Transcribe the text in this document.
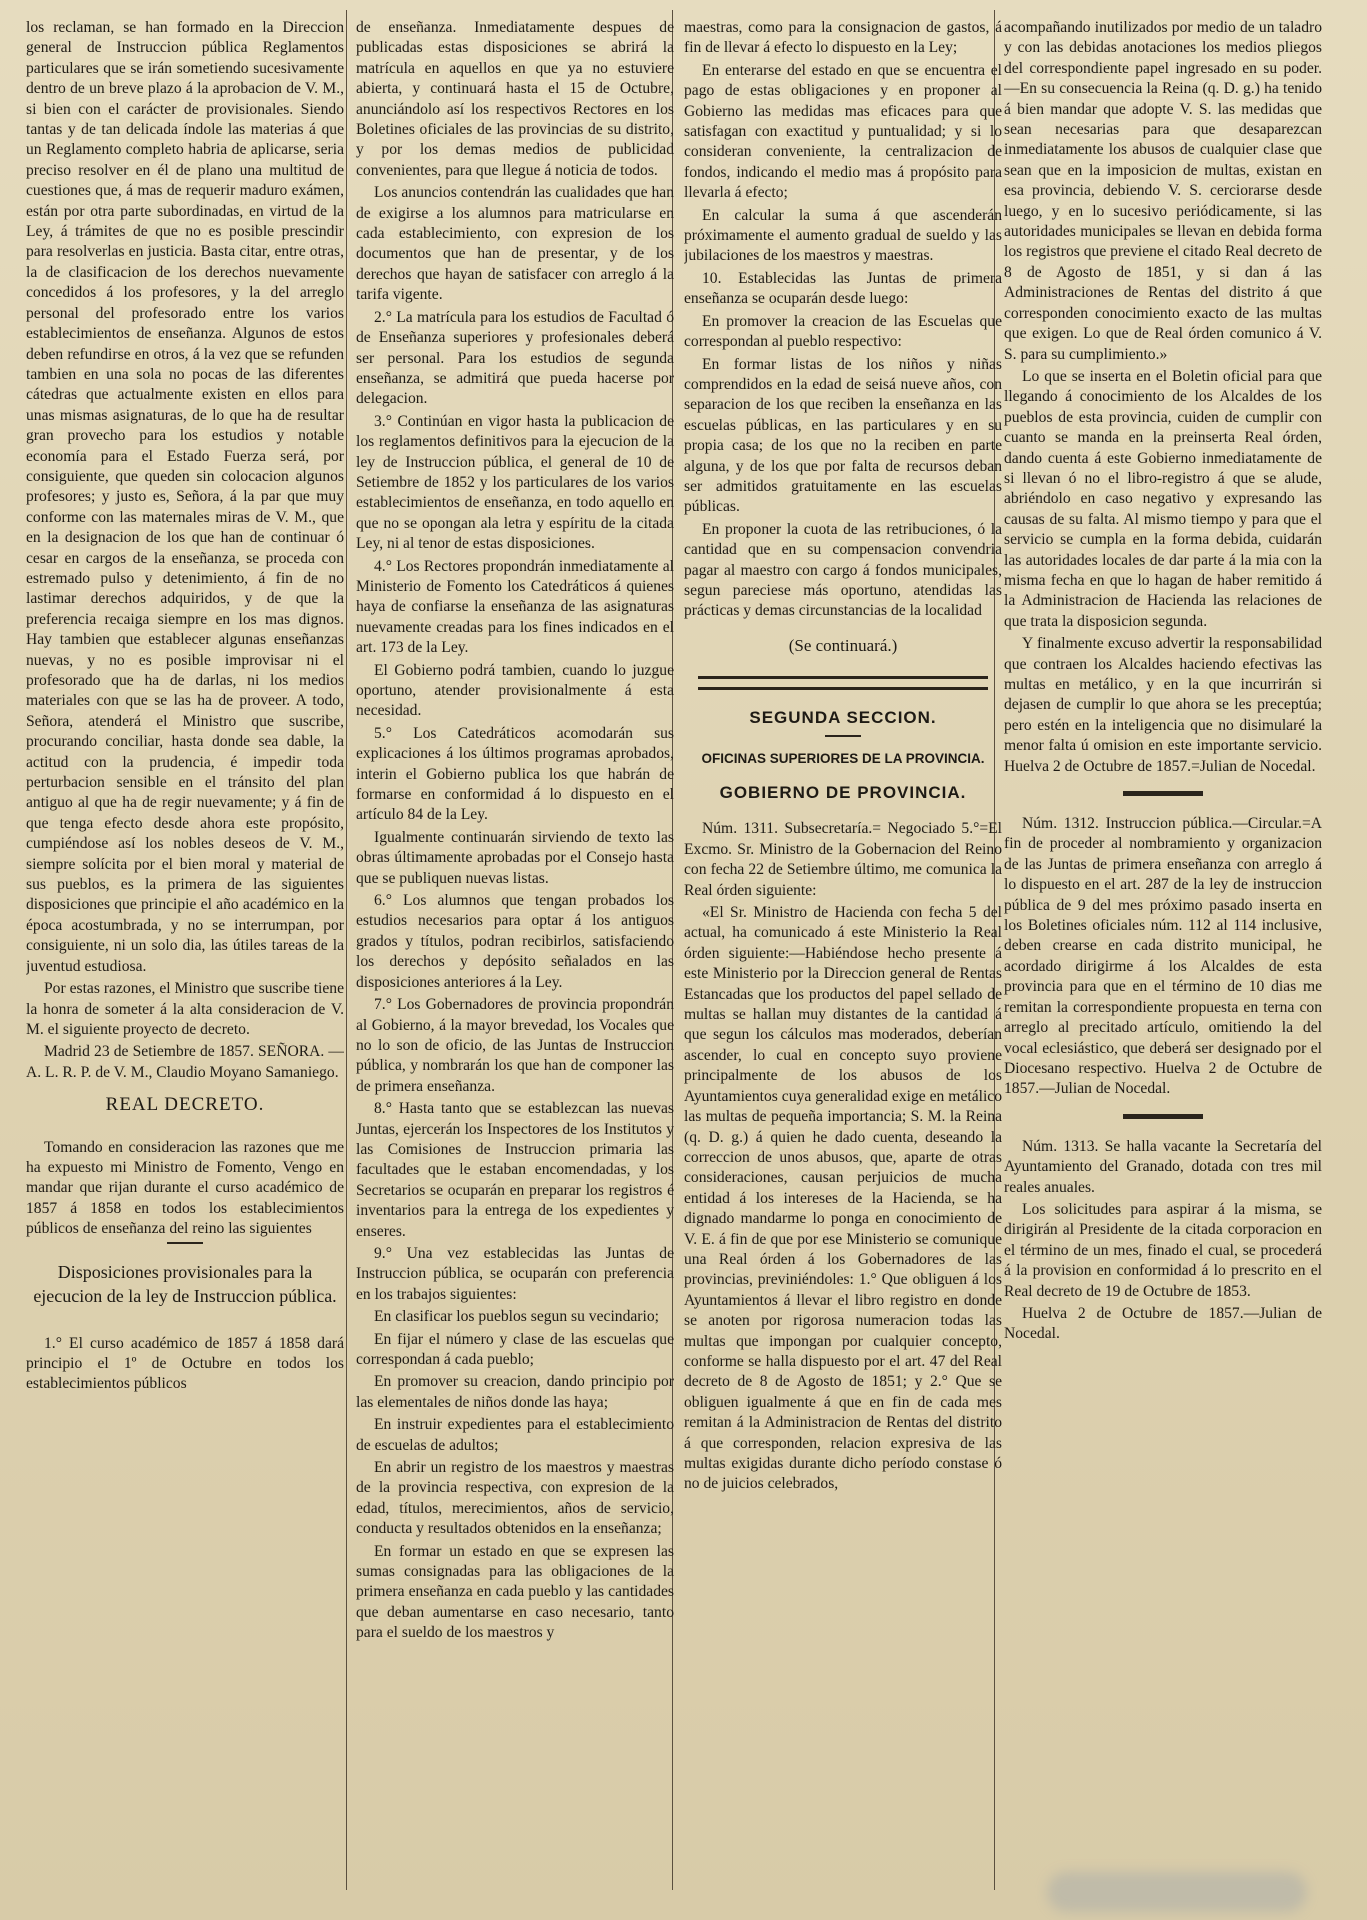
los reclaman, se han formado en la Direccion general de Instruccion pública Reglamentos particulares que se irán sometiendo sucesivamente dentro de un breve plazo á la aprobacion de V. M., si bien con el carácter de provisionales. Siendo tantas y de tan delicada índole las materias á que un Reglamento completo habria de aplicarse, seria preciso resolver en él de plano una multitud de cuestiones que, á mas de requerir maduro exámen, están por otra parte subordinadas, en virtud de la Ley, á trámites de que no es posible prescindir para resolverlas en justicia. Basta citar, entre otras, la de clasificacion de los derechos nuevamente concedidos á los profesores, y la del arreglo personal del profesorado entre los varios establecimientos de enseñanza. Algunos de estos deben refundirse en otros, á la vez que se refunden tambien en una sola no pocas de las diferentes cátedras que actualmente existen en ellos para unas mismas asignaturas, de lo que ha de resultar gran provecho para los estudios y notable economía para el Estado Fuerza será, por consiguiente, que queden sin colocacion algunos profesores; y justo es, Señora, á la par que muy conforme con las maternales miras de V. M., que en la designacion de los que han de continuar ó cesar en cargos de la enseñanza, se proceda con estremado pulso y detenimiento, á fin de no lastimar derechos adquiridos, y de que la preferencia recaiga siempre en los mas dignos. Hay tambien que establecer algunas enseñanzas nuevas, y no es posible improvisar ni el profesorado que ha de darlas, ni los medios materiales con que se las ha de proveer. A todo, Señora, atenderá el Ministro que suscribe, procurando conciliar, hasta donde sea dable, la actitud con la prudencia, é impedir toda perturbacion sensible en el tránsito del plan antiguo al que ha de regir nuevamente; y á fin de que tenga efecto desde ahora este propósito, cumpiéndose así los nobles deseos de V. M., siempre solícita por el bien moral y material de sus pueblos, es la primera de las siguientes disposiciones que principie el año académico en la época acostumbrada, y no se interrumpan, por consiguiente, ni un solo dia, las útiles tareas de la juventud estudiosa.

Por estas razones, el Ministro que suscribe tiene la honra de someter á la alta consideracion de V. M. el siguiente proyecto de decreto.

Madrid 23 de Setiembre de 1857. SEÑORA. — A. L. R. P. de V. M., Claudio Moyano Samaniego.

REAL DECRETO.

Tomando en consideracion las razones que me ha expuesto mi Ministro de Fomento, Vengo en mandar que rijan durante el curso académico de 1857 á 1858 en todos los establecimientos públicos de enseñanza del reino las siguientes

Disposiciones provisionales para la ejecucion de la ley de Instruccion pública.

1.° El curso académico de 1857 á 1858 dará principio el 1º de Octubre en todos los establecimientos públicos

de enseñanza. Inmediatamente despues de publicadas estas disposiciones se abrirá la matrícula en aquellos en que ya no estuviere abierta, y continuará hasta el 15 de Octubre, anunciándolo así los respectivos Rectores en los Boletines oficiales de las provincias de su distrito, y por los demas medios de publicidad convenientes, para que llegue á noticia de todos.

Los anuncios contendrán las cualidades que han de exigirse a los alumnos para matricularse en cada establecimiento, con expresion de los documentos que han de presentar, y de los derechos que hayan de satisfacer con arreglo á la tarifa vigente.

2.° La matrícula para los estudios de Facultad ó de Enseñanza superiores y profesionales deberá ser personal. Para los estudios de segunda enseñanza, se admitirá que pueda hacerse por delegacion.

3.° Continúan en vigor hasta la publicacion de los reglamentos definitivos para la ejecucion de la ley de Instruccion pública, el general de 10 de Setiembre de 1852 y los particulares de los varios establecimientos de enseñanza, en todo aquello en que no se opongan ala letra y espíritu de la citada Ley, ni al tenor de estas disposiciones.

4.° Los Rectores propondrán inmediatamente al Ministerio de Fomento los Catedráticos á quienes haya de confiarse la enseñanza de las asignaturas nuevamente creadas para los fines indicados en el art. 173 de la Ley.

El Gobierno podrá tambien, cuando lo juzgue oportuno, atender provisionalmente á esta necesidad.

5.° Los Catedráticos acomodarán sus explicaciones á los últimos programas aprobados, interin el Gobierno publica los que habrán de formarse en conformidad á lo dispuesto en el artículo 84 de la Ley.

Igualmente continuarán sirviendo de texto las obras últimamente aprobadas por el Consejo hasta que se publiquen nuevas listas.

6.° Los alumnos que tengan probados los estudios necesarios para optar á los antiguos grados y títulos, podran recibirlos, satisfaciendo los derechos y depósito señalados en las disposiciones anteriores á la Ley.

7.° Los Gobernadores de provincia propondrán al Gobierno, á la mayor brevedad, los Vocales que no lo son de oficio, de las Juntas de Instruccion pública, y nombrarán los que han de componer las de primera enseñanza.

8.° Hasta tanto que se establezcan las nuevas Juntas, ejercerán los Inspectores de los Institutos y las Comisiones de Instruccion primaria las facultades que le estaban encomendadas, y los Secretarios se ocuparán en preparar los registros é inventarios para la entrega de los expedientes y enseres.

9.° Una vez establecidas las Juntas de Instruccion pública, se ocuparán con preferencia en los trabajos siguientes:

En clasificar los pueblos segun su vecindario;

En fijar el número y clase de las escuelas que correspondan á cada pueblo;

En promover su creacion, dando principio por las elementales de niños donde las haya;

En instruir expedientes para el establecimiento de escuelas de adultos;

En abrir un registro de los maestros y maestras de la provincia respectiva, con expresion de la edad, títulos, merecimientos, años de servicio, conducta y resultados obtenidos en la enseñanza;

En formar un estado en que se expresen las sumas consignadas para las obligaciones de la primera enseñanza en cada pueblo y las cantidades que deban aumentarse en caso necesario, tanto para el sueldo de los maestros y

maestras, como para la consignacion de gastos, á fin de llevar á efecto lo dispuesto en la Ley;

En enterarse del estado en que se encuentra el pago de estas obligaciones y en proponer al Gobierno las medidas mas eficaces para que satisfagan con exactitud y puntualidad; y si lo consideran conveniente, la centralizacion de fondos, indicando el medio mas á propósito para llevarla á efecto;

En calcular la suma á que ascenderán próximamente el aumento gradual de sueldo y las jubilaciones de los maestros y maestras.

10. Establecidas las Juntas de primera enseñanza se ocuparán desde luego:

En promover la creacion de las Escuelas que correspondan al pueblo respectivo:

En formar listas de los niños y niñas comprendidos en la edad de seisá nueve años, con separacion de los que reciben la enseñanza en las escuelas públicas, en las particulares y en su propia casa; de los que no la reciben en parte alguna, y de los que por falta de recursos deban ser admitidos gratuitamente en las escuelas públicas.

En proponer la cuota de las retribuciones, ó la cantidad que en su compensacion convendria pagar al maestro con cargo á fondos municipales, segun pareciese más oportuno, atendidas las prácticas y demas circunstancias de la localidad

(Se continuará.)
SEGUNDA SECCION.
OFICINAS SUPERIORES DE LA PROVINCIA.
GOBIERNO DE PROVINCIA.

Núm. 1311. Subsecretaría.= Negociado 5.°=El Excmo. Sr. Ministro de la Gobernacion del Reino con fecha 22 de Setiembre último, me comunica la Real órden siguiente:

«El Sr. Ministro de Hacienda con fecha 5 del actual, ha comunicado á este Ministerio la Real órden siguiente:—Habiéndose hecho presente á este Ministerio por la Direccion general de Rentas Estancadas que los productos del papel sellado de multas se hallan muy distantes de la cantidad á que segun los cálculos mas moderados, deberían ascender, lo cual en concepto suyo proviene principalmente de los abusos de los Ayuntamientos cuya generalidad exige en metálico las multas de pequeña importancia; S. M. la Reina (q. D. g.) á quien he dado cuenta, deseando la correccion de unos abusos, que, aparte de otras consideraciones, causan perjuicios de mucha entidad á los intereses de la Hacienda, se ha dignado mandarme lo ponga en conocimiento de V. E. á fin de que por ese Ministerio se comunique una Real órden á los Gobernadores de las provincias, previniéndoles: 1.° Que obliguen á los Ayuntamientos á llevar el libro registro en donde se anoten por rigorosa numeracion todas las multas que impongan por cualquier concepto, conforme se halla dispuesto por el art. 47 del Real decreto de 8 de Agosto de 1851; y 2.° Que se obliguen igualmente á que en fin de cada mes remitan á la Administracion de Rentas del distrito á que corresponden, relacion expresiva de las multas exigidas durante dicho período constase ó no de juicios celebrados,

acompañando inutilizados por medio de un taladro y con las debidas anotaciones los medios pliegos del correspondiente papel ingresado en su poder.—En su consecuencia la Reina (q. D. g.) ha tenido á bien mandar que adopte V. S. las medidas que sean necesarias para que desaparezcan inmediatamente los abusos de cualquier clase que sean que en la imposicion de multas, existan en esa provincia, debiendo V. S. cerciorarse desde luego, y en lo sucesivo periódicamente, si las autoridades municipales se llevan en debida forma los registros que previene el citado Real decreto de 8 de Agosto de 1851, y si dan á las Administraciones de Rentas del distrito á que corresponden conocimiento exacto de las multas que exigen. Lo que de Real órden comunico á V. S. para su cumplimiento.»

Lo que se inserta en el Boletin oficial para que llegando á conocimiento de los Alcaldes de los pueblos de esta provincia, cuiden de cumplir con cuanto se manda en la preinserta Real órden, dando cuenta á este Gobierno inmediatamente de si llevan ó no el libro-registro á que se alude, abriéndolo en caso negativo y expresando las causas de su falta. Al mismo tiempo y para que el servicio se cumpla en la forma debida, cuidarán las autoridades locales de dar parte á la mia con la misma fecha en que lo hagan de haber remitido á la Administracion de Hacienda las relaciones de que trata la disposicion segunda.

Y finalmente excuso advertir la responsabilidad que contraen los Alcaldes haciendo efectivas las multas en metálico, y en la que incurrirán si dejasen de cumplir lo que ahora se les preceptúa; pero estén en la inteligencia que no disimularé la menor falta ú omision en este importante servicio. Huelva 2 de Octubre de 1857.=Julian de Nocedal.

Núm. 1312. Instruccion pública.—Circular.=A fin de proceder al nombramiento y organizacion de las Juntas de primera enseñanza con arreglo á lo dispuesto en el art. 287 de la ley de instruccion pública de 9 del mes próximo pasado inserta en los Boletines oficiales núm. 112 al 114 inclusive, deben crearse en cada distrito municipal, he acordado dirigirme á los Alcaldes de esta provincia para que en el término de 10 dias me remitan la correspondiente propuesta en terna con arreglo al precitado artículo, omitiendo la del vocal eclesiástico, que deberá ser designado por el Diocesano respectivo. Huelva 2 de Octubre de 1857.—Julian de Nocedal.

Núm. 1313. Se halla vacante la Secretaría del Ayuntamiento del Granado, dotada con tres mil reales anuales.

Los solicitudes para aspirar á la misma, se dirigirán al Presidente de la citada corporacion en el término de un mes, finado el cual, se procederá á la provision en conformidad á lo prescrito en el Real decreto de 19 de Octubre de 1853.

Huelva 2 de Octubre de 1857.—Julian de Nocedal.
